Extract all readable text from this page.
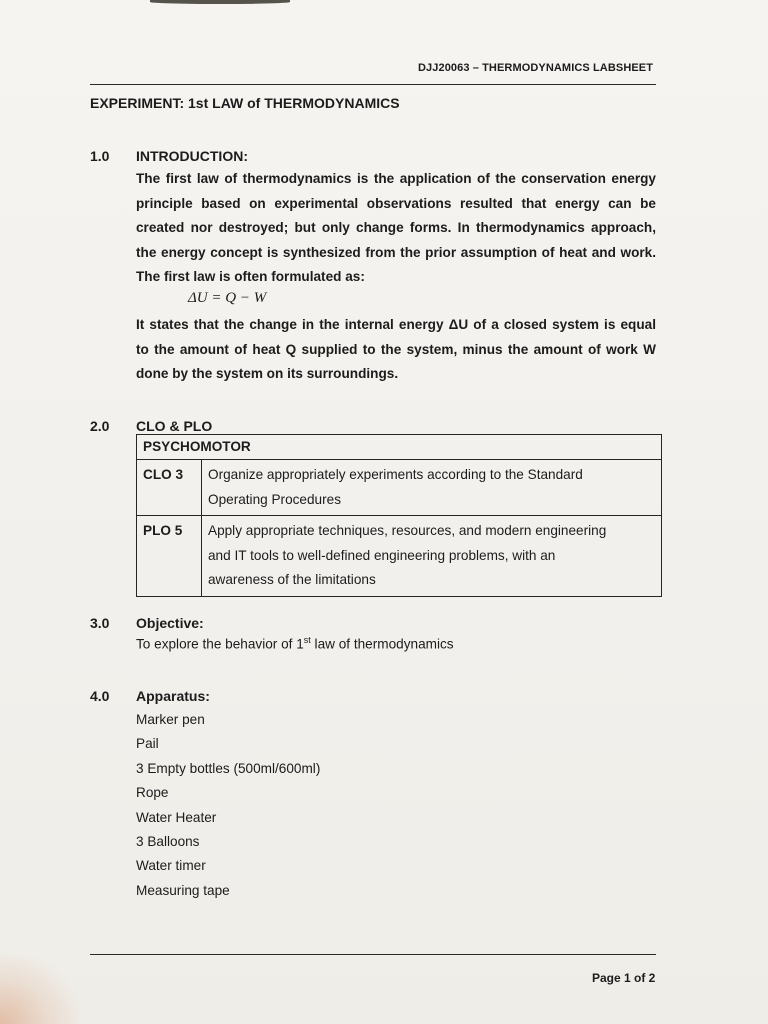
DJJ20063 – THERMODYNAMICS LABSHEET
EXPERIMENT: 1st LAW of THERMODYNAMICS
1.0 INTRODUCTION:
The first law of thermodynamics is the application of the conservation energy
principle based on experimental observations resulted that energy can be
created nor destroyed; but only change forms. In thermodynamics approach,
the energy concept is synthesized from the prior assumption of heat and work.
The first law is often formulated as:
ΔU = Q − W
It states that the change in the internal energy ΔU of a closed system is equal
to the amount of heat Q supplied to the system, minus the amount of work W
done by the system on its surroundings.
2.0 CLO & PLO
PSYCHOMOTOR	
CLO 3	Organize appropriately experiments according to the Standard
Operating Procedures

PLO 5	Apply appropriate techniques, resources, and modern engineering
and IT tools to well-defined engineering problems, with an
awareness of the limitations
3.0 Objective:
To explore the behavior of 1st law of thermodynamics
4.0 Apparatus:
Marker pen
Pail
3 Empty bottles (500ml/600ml)
Rope
Water Heater
3 Balloons
Water timer
Measuring tape
Page 1 of 2
